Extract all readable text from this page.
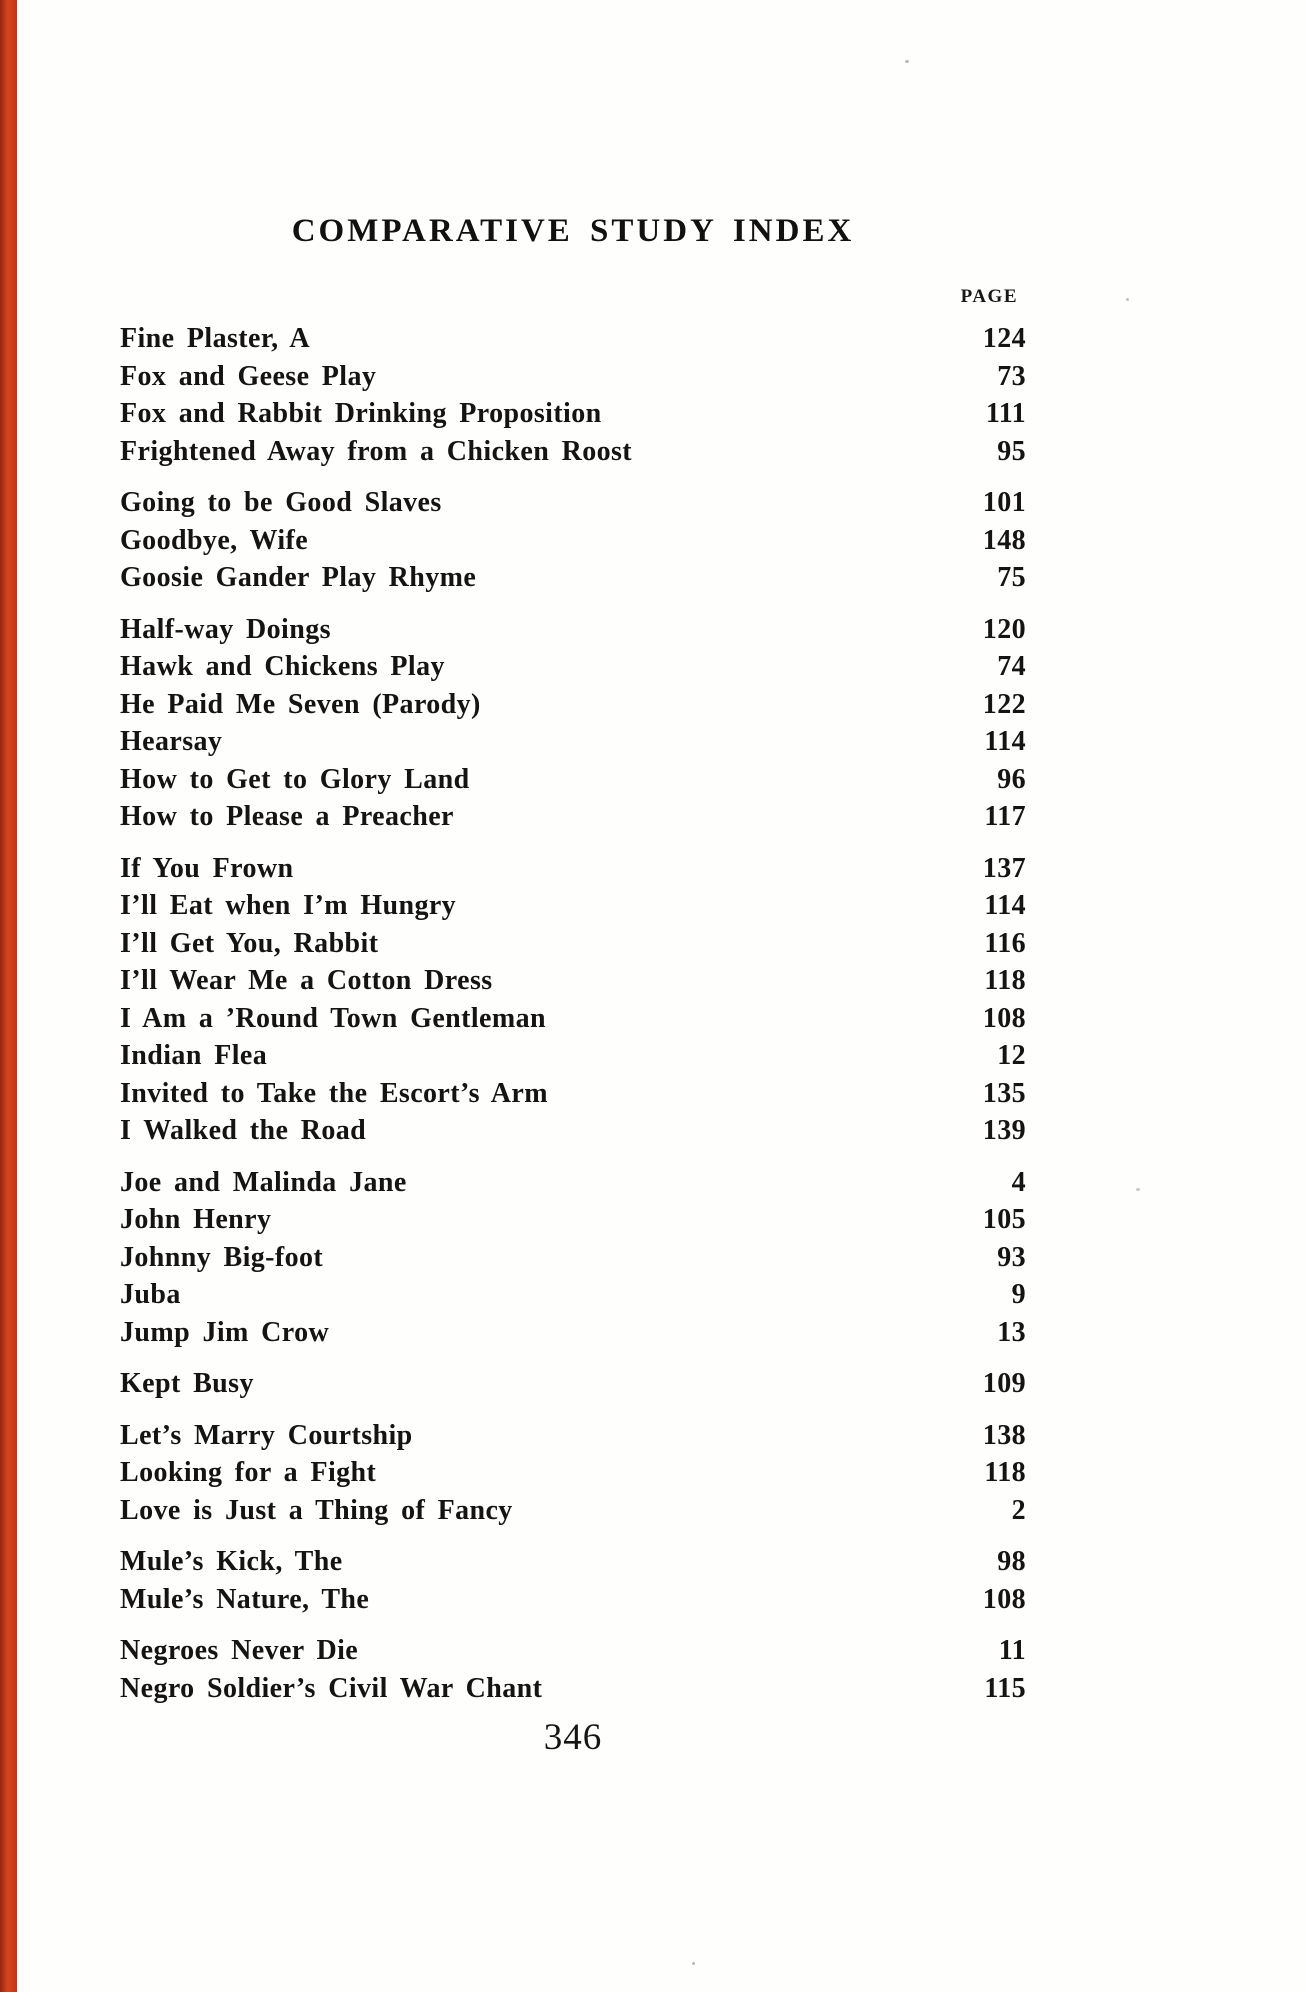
COMPARATIVE STUDY INDEX
PAGE
Fine Plaster, A	124
Fox and Geese Play	73
Fox and Rabbit Drinking Proposition	111
Frightened Away from a Chicken Roost	95
Going to be Good Slaves	101
Goodbye, Wife	148
Goosie Gander Play Rhyme	75
Half-way Doings	120
Hawk and Chickens Play	74
He Paid Me Seven (Parody)	122
Hearsay	114
How to Get to Glory Land	96
How to Please a Preacher	117
If You Frown	137
I’ll Eat when I’m Hungry	114
I’ll Get You, Rabbit	116
I’ll Wear Me a Cotton Dress	118
I Am a ’Round Town Gentleman	108
Indian Flea	12
Invited to Take the Escort’s Arm	135
I Walked the Road	139
Joe and Malinda Jane	4
John Henry	105
Johnny Big-foot	93
Juba	9
Jump Jim Crow	13
Kept Busy	109
Let’s Marry Courtship	138
Looking for a Fight	118
Love is Just a Thing of Fancy	2
Mule’s Kick, The	98
Mule’s Nature, The	108
Negroes Never Die	11
Negro Soldier’s Civil War Chant	115
346
